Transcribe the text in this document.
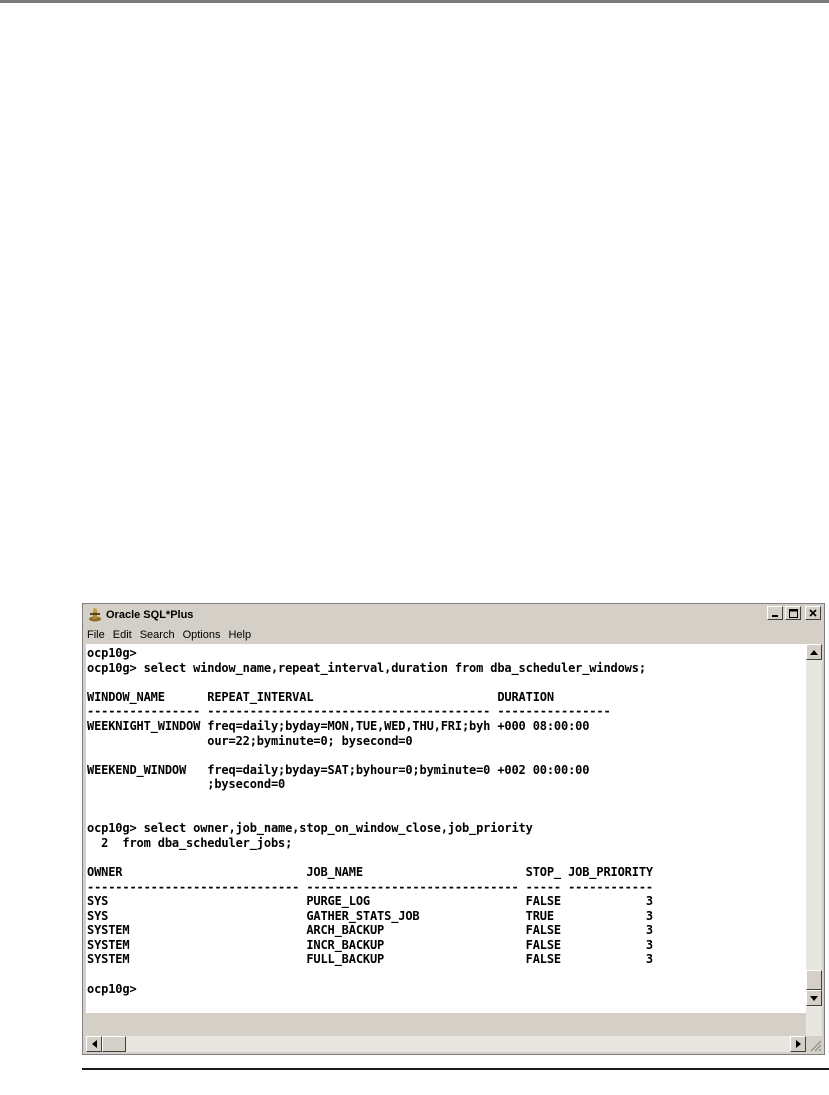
Oracle SQL*Plus
File Edit Search Options Help
ocp10g>
ocp10g> select window_name,repeat_interval,duration from dba_scheduler_windows;

WINDOW_NAME      REPEAT_INTERVAL                          DURATION
---------------- ---------------------------------------- ----------------
WEEKNIGHT_WINDOW freq=daily;byday=MON,TUE,WED,THU,FRI;byh +000 08:00:00
our=22;byminute=0; bysecond=0

WEEKEND_WINDOW   freq=daily;byday=SAT;byhour=0;byminute=0 +002 00:00:00
;bysecond=0

ocp10g> select owner,job_name,stop_on_window_close,job_priority
2  from dba_scheduler_jobs;

OWNER                          JOB_NAME                       STOP_ JOB_PRIORITY
------------------------------ ------------------------------ ----- ------------
SYS                            PURGE_LOG                      FALSE            3
SYS                            GATHER_STATS_JOB               TRUE             3
SYSTEM                         ARCH_BACKUP                    FALSE            3
SYSTEM                         INCR_BACKUP                    FALSE            3
SYSTEM                         FULL_BACKUP                    FALSE            3

ocp10g>
